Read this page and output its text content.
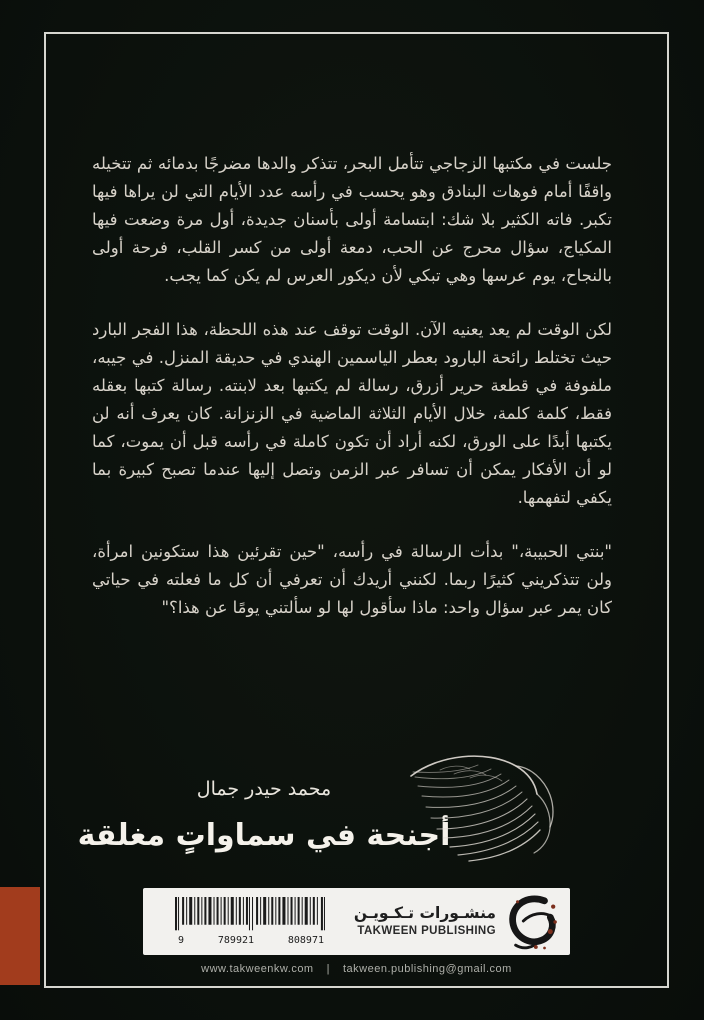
جلست في مكتبها الزجاجي تتأمل البحر، تتذكر والدها مضرجًا بدمائه ثم تتخيله واقفًا أمام فوهات البنادق وهو يحسب في رأسه عدد الأيام التي لن يراها فيها تكبر. فاته الكثير بلا شك: ابتسامة أولى بأسنان جديدة، أول مرة وضعت فيها المكياج، سؤال محرج عن الحب، دمعة أولى من كسر القلب، فرحة أولى بالنجاح، يوم عرسها وهي تبكي لأن ديكور العرس لم يكن كما يجب.

لكن الوقت لم يعد يعنيه الآن. الوقت توقف عند هذه اللحظة، هذا الفجر البارد حيث تختلط رائحة البارود بعطر الياسمين الهندي في حديقة المنزل. في جيبه، ملفوفة في قطعة حرير أزرق، رسالة لم يكتبها بعد لابنته. رسالة كتبها بعقله فقط، كلمة كلمة، خلال الأيام الثلاثة الماضية في الزنزانة. كان يعرف أنه لن يكتبها أبدًا على الورق، لكنه أراد أن تكون كاملة في رأسه قبل أن يموت، كما لو أن الأفكار يمكن أن تسافر عبر الزمن وتصل إليها عندما تصبح كبيرة بما يكفي لتفهمها.

"بنتي الحبيبة،" بدأت الرسالة في رأسه، "حين تقرئين هذا ستكونين امرأة، ولن تتذكريني كثيرًا ربما. لكنني أريدك أن تعرفي أن كل ما فعلته في حياتي كان يمر عبر سؤال واحد: ماذا سأقول لها لو سألتني يومًا عن هذا؟"

محمد حيدر جمال
أجنحة في سماواتٍ مغلقة
9	789921	808971
منشـورات تـكـويـن
TAKWEEN PUBLISHING
www.takweenkw.com | takween.publishing@gmail.com
